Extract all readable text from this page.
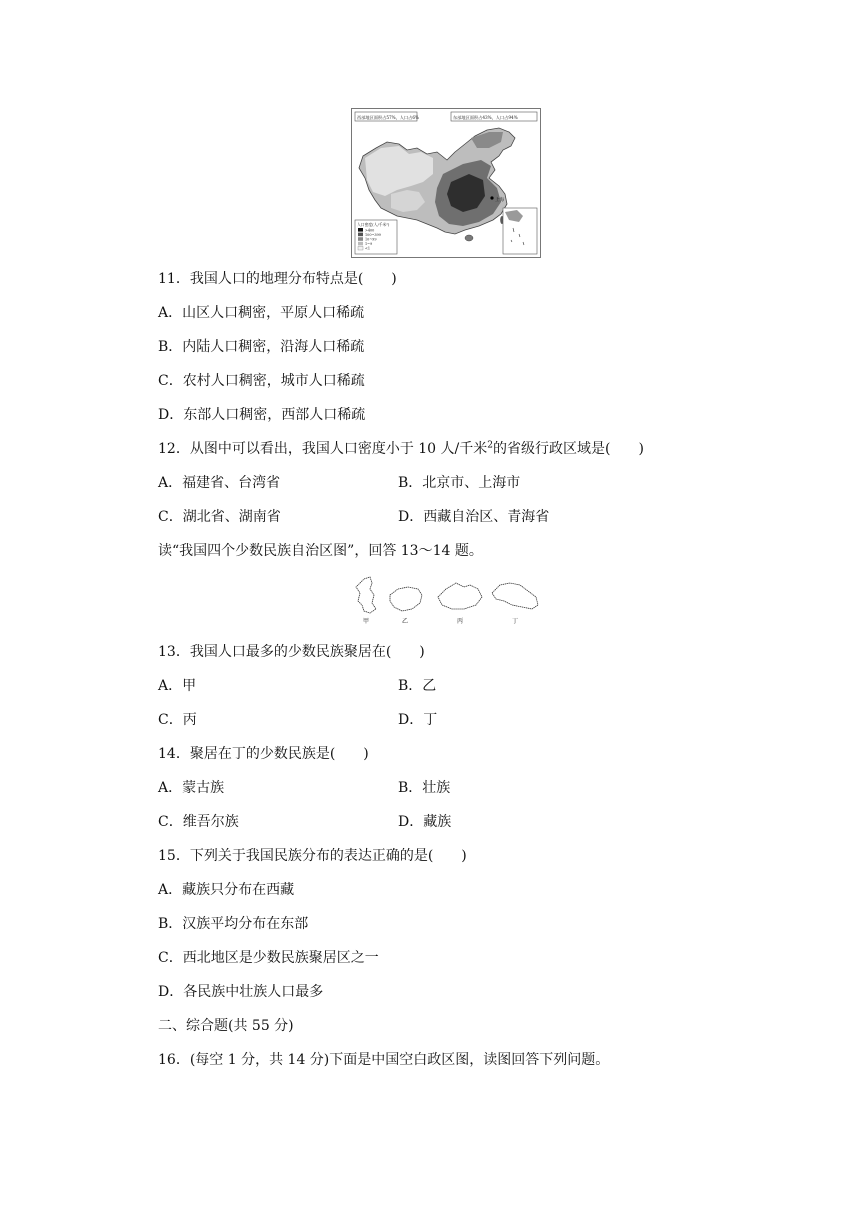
西部地区面积占57%，人口占6%	东部地区面积占43%，人口占94%
上海
人口密度(人/千米²)
>400
100~399
10~99
1~9
<1
11．我国人口的地理分布特点是(　　)
A．山区人口稠密，平原人口稀疏
B．内陆人口稠密，沿海人口稀疏
C．农村人口稠密，城市人口稀疏
D．东部人口稠密，西部人口稀疏
12．从图中可以看出，我国人口密度小于 10 人/千米$^2$的省级行政区域是(　　)
A．福建省、台湾省	B．北京市、上海市
C．湖北省、湖南省	D．西藏自治区、青海省
读“我国四个少数民族自治区图”，回答 13～14 题。
甲	乙	丙	丁
13．我国人口最多的少数民族聚居在(　　)
A．甲	B．乙
C．丙	D．丁
14．聚居在丁的少数民族是(　　)
A．蒙古族	B．壮族
C．维吾尔族	D．藏族
15．下列关于我国民族分布的表达正确的是(　　)
A．藏族只分布在西藏
B．汉族平均分布在东部
C．西北地区是少数民族聚居区之一
D．各民族中壮族人口最多
二、综合题(共 55 分)
16．(每空 1 分，共 14 分)下面是中国空白政区图，读图回答下列问题。
